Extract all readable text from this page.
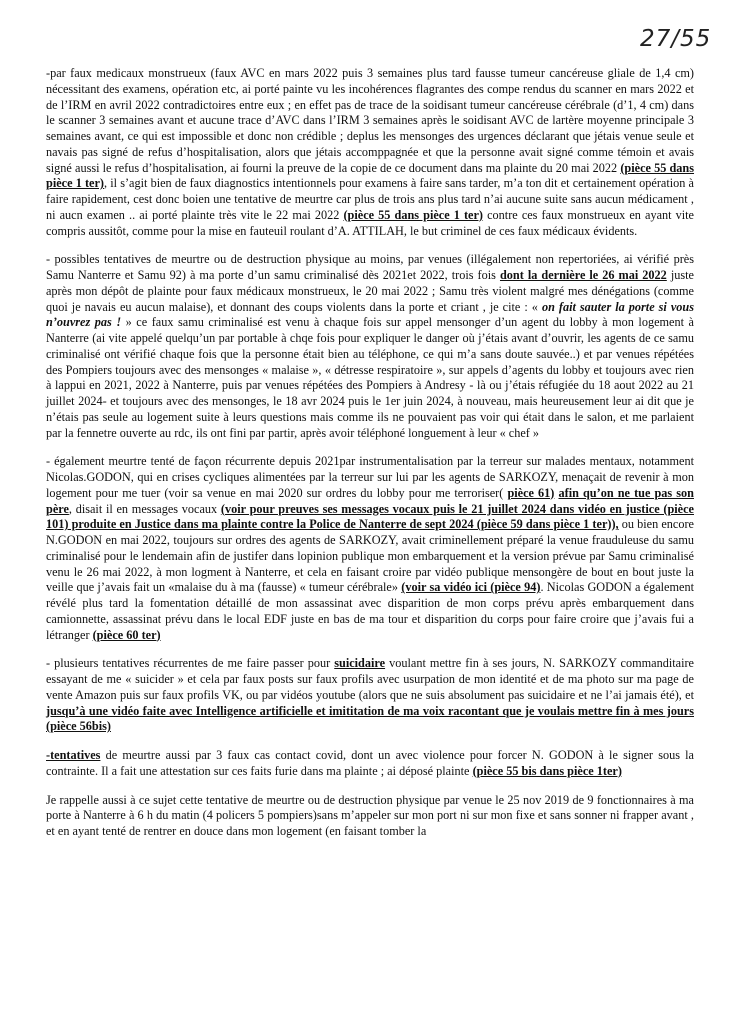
27/55

-par faux medicaux monstrueux (faux AVC en mars 2022 puis 3 semaines plus tard fausse tumeur cancéreuse gliale de 1,4 cm) nécessitant des examens, opération etc, ai porté painte vu les incohérences flagrantes des compe rendus du scanner en mars 2022 et de l’IRM en avril 2022 contradictoires entre eux ; en effet pas de trace de la soidisant tumeur cancéreuse cérébrale (d’1, 4 cm) dans le scanner 3 semaines avant et aucune trace d’AVC dans l’IRM 3 semaines après le soidisant AVC de lartère moyenne principale 3 semaines avant, ce qui est impossible et donc non crédible ; deplus les mensonges des urgences déclarant que jétais venue seule et navais pas signé de refus d’hospitalisation, alors que jétais accomppagnée et que la personne avait signé comme témoin et avais signé aussi le refus d’hospitalisation, ai fourni la preuve de la copie de ce document dans ma plainte du 20 mai 2022 (pièce 55 dans pièce 1 ter), il s’agit bien de faux diagnostics intentionnels pour examens à faire sans tarder, m’a ton dit et certainement opération à faire rapidement, cest donc boien une tentative de meurtre car plus de trois ans plus tard n’ai aucune suite sans aucun médicament , ni aucn examen .. ai porté plainte très vite le 22 mai 2022 (pièce 55 dans pièce 1 ter) contre ces faux monstrueux en ayant vite compris aussitôt, comme pour la mise en fauteuil roulant d’A. ATTILAH, le but criminel de ces faux médicaux évidents.

- possibles tentatives de meurtre ou de destruction physique au moins, par venues (illégalement non repertoriées, ai vérifié près Samu Nanterre et Samu 92) à ma porte d’un samu criminalisé dès 2021et 2022, trois fois dont la dernière le 26 mai 2022 juste après mon dépôt de plainte pour faux médicaux monstrueux, le 20 mai 2022 ; Samu très violent malgré mes dénégations (comme quoi je navais eu aucun malaise), et donnant des coups violents dans la porte et criant , je cite : « on fait sauter la porte si vous n’ouvrez pas ! » ce faux samu criminalisé est venu à chaque fois sur appel mensonger d’un agent du lobby à mon logement à Nanterre (ai vite appelé quelqu’un par portable à chqe fois pour expliquer le danger où j’étais avant d’ouvrir, les agents de ce samu criminalisé ont vérifié chaque fois que la personne était bien au téléphone, ce qui m’a sans doute sauvée..) et par venues répétées des Pompiers toujours avec des mensonges « malaise », « détresse respiratoire », sur appels d’agents du lobby et toujours avec rien à lappui en 2021, 2022 à Nanterre, puis par venues répétées des Pompiers à Andresy - là ou j’étais réfugiée du 18 aout 2022 au 21 juillet 2024- et toujours avec des mensonges, le 18 avr 2024 puis le 1er juin 2024, à nouveau, mais heureusement leur ai dit que je n’étais pas seule au logement suite à leurs questions mais comme ils ne pouvaient pas voir qui était dans le salon, et me parlaient par la fennetre ouverte au rdc, ils ont fini par partir, après avoir téléphoné longuement à leur « chef »

- également meurtre tenté de façon récurrente depuis 2021par instrumentalisation par la terreur sur malades mentaux, notamment Nicolas.GODON, qui en crises cycliques alimentées par la terreur sur lui par les agents de SARKOZY, menaçait de revenir à mon logement pour me tuer (voir sa venue en mai 2020 sur ordres du lobby pour me terroriser( pièce 61) afin qu’on ne tue pas son père, disait il en messages vocaux (voir pour preuves ses messages vocaux puis le 21 juillet 2024 dans vidéo en justice (pièce 101) produite en Justice dans ma plainte contre la Police de Nanterre de sept 2024 (pièce 59 dans pièce 1 ter)), ou bien encore N.GODON en mai 2022, toujours sur ordres des agents de SARKOZY, avait criminellement préparé la venue frauduleuse du samu criminalisé pour le lendemain afin de justifer dans lopinion publique mon embarquement et la version prévue par Samu criminalisé venu le 26 mai 2022, à mon logment à Nanterre, et cela en faisant croire par vidéo publique mensongère de bout en bout juste la veille que j’avais fait un «malaise du à ma (fausse) « tumeur cérébrale» (voir sa vidéo ici (pièce 94). Nicolas GODON a également révélé plus tard la fomentation détaillé de mon assassinat avec disparition de mon corps prévu après embarquement dans camionnette, assassinat prévu dans le local EDF juste en bas de ma tour et disparition du corps pour faire croire que j’avais fui a létranger (pièce 60 ter)

- plusieurs tentatives récurrentes de me faire passer pour suicidaire voulant mettre fin à ses jours, N. SARKOZY commanditaire essayant de me « suicider » et cela par faux posts sur faux profils avec usurpation de mon identité et de ma photo sur ma page de vente Amazon puis sur faux profils VK, ou par vidéos youtube (alors que ne suis absolument pas suicidaire et ne l’ai jamais été), et jusqu’à une vidéo faite avec Intelligence artificielle et imititation de ma voix racontant que je voulais mettre fin à mes jours (pièce 56bis)

-tentatives de meurtre aussi par 3 faux cas contact covid, dont un avec violence pour forcer N. GODON à le signer sous la contrainte. Il a fait une attestation sur ces faits furie dans ma plainte ; ai déposé plainte (pièce 55 bis dans pièce 1ter)

Je rappelle aussi à ce sujet cette tentative de meurtre ou de destruction physique par venue le 25 nov 2019 de 9 fonctionnaires à ma porte à Nanterre à 6 h du matin (4 policers 5 pompiers)sans m’appeler sur mon port ni sur mon fixe et sans sonner ni frapper avant , et en ayant tenté de rentrer en douce dans mon logement (en faisant tomber la
